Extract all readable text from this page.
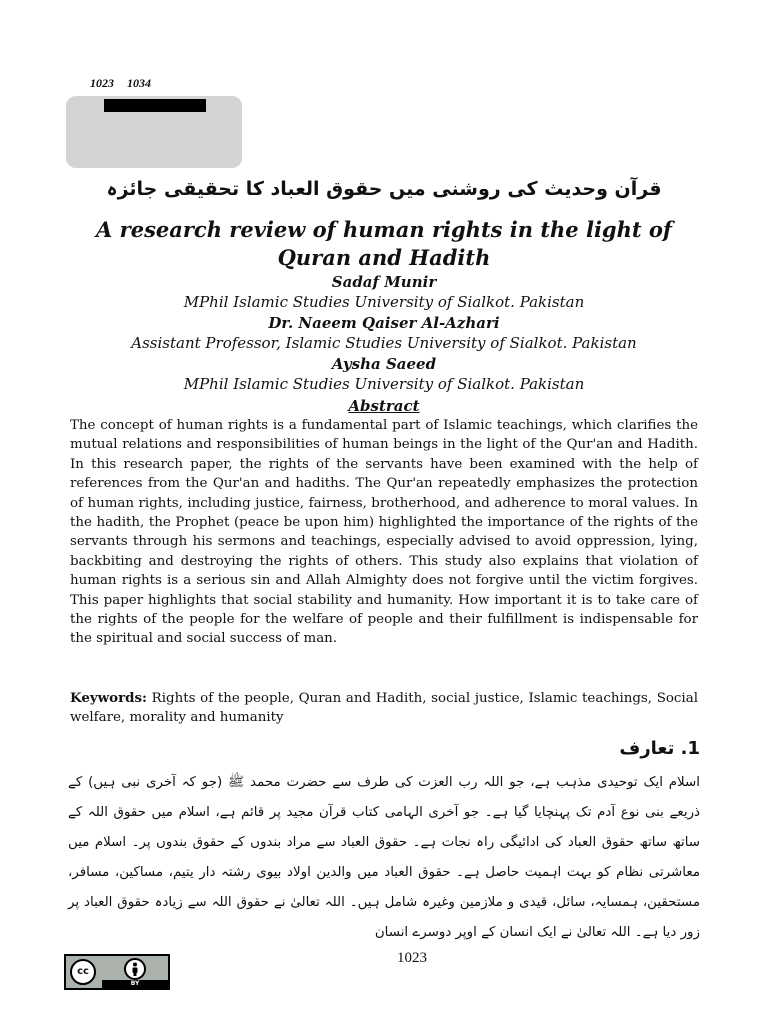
1023 1034
قرآن وحدیث کی روشنی میں حقوق العباد کا تحقیقی جائزہ
A research review of human rights in the light of Quran and Hadith
Sadaf Munir
MPhil Islamic Studies University of Sialkot. Pakistan
Dr. Naeem Qaiser Al-Azhari
Assistant Professor, Islamic Studies University of Sialkot. Pakistan
Aysha Saeed
MPhil Islamic Studies University of Sialkot. Pakistan
Abstract
The concept of human rights is a fundamental part of Islamic teachings, which clarifies the mutual relations and responsibilities of human beings in the light of the Qur'an and Hadith. In this research paper, the rights of the servants have been examined with the help of references from the Qur'an and hadiths. The Qur'an repeatedly emphasizes the protection of human rights, including justice, fairness, brotherhood, and adherence to moral values. In the hadith, the Prophet (peace be upon him) highlighted the importance of the rights of the servants through his sermons and teachings, especially advised to avoid oppression, lying, backbiting and destroying the rights of others. This study also explains that violation of human rights is a serious sin and Allah Almighty does not forgive until the victim forgives. This paper highlights that social stability and humanity. How important it is to take care of the rights of the people for the welfare of people and their fulfillment is indispensable for the spiritual and social success of man.
Keywords: Rights of the people, Quran and Hadith, social justice, Islamic teachings, Social welfare, morality and humanity
1. تعارف
اسلام ایک توحیدی مذہب ہے، جو اللہ رب العزت کی طرف سے حضرت محمد ﷺ (جو کہ آخری نبی ہیں) کے ذریعے بنی نوع آدم تک پہنچایا گیا ہے۔ جو آخری الہامی کتاب قرآن مجید پر قائم ہے، اسلام میں حقوق اللہ کے ساتھ ساتھ حقوق العباد کی ادائیگی راہ نجات ہے۔ حقوق العباد سے مراد بندوں کے حقوق بندوں پر۔ اسلام میں معاشرتی نظام کو بہت اہمیت حاصل ہے۔ حقوق العباد میں والدین اولاد بیوی رشتہ دار یتیم، مساکین، مسافر، مستحقین، ہمسایہ، سائل، قیدی و ملازمین وغیرہ شامل ہیں۔ اللہ تعالیٰ نے حقوق اللہ سے زیادہ حقوق العباد پر زور دیا ہے۔ اللہ تعالیٰ نے ایک انسان کے اوپر دوسرے انسان
cc
BY
1023
